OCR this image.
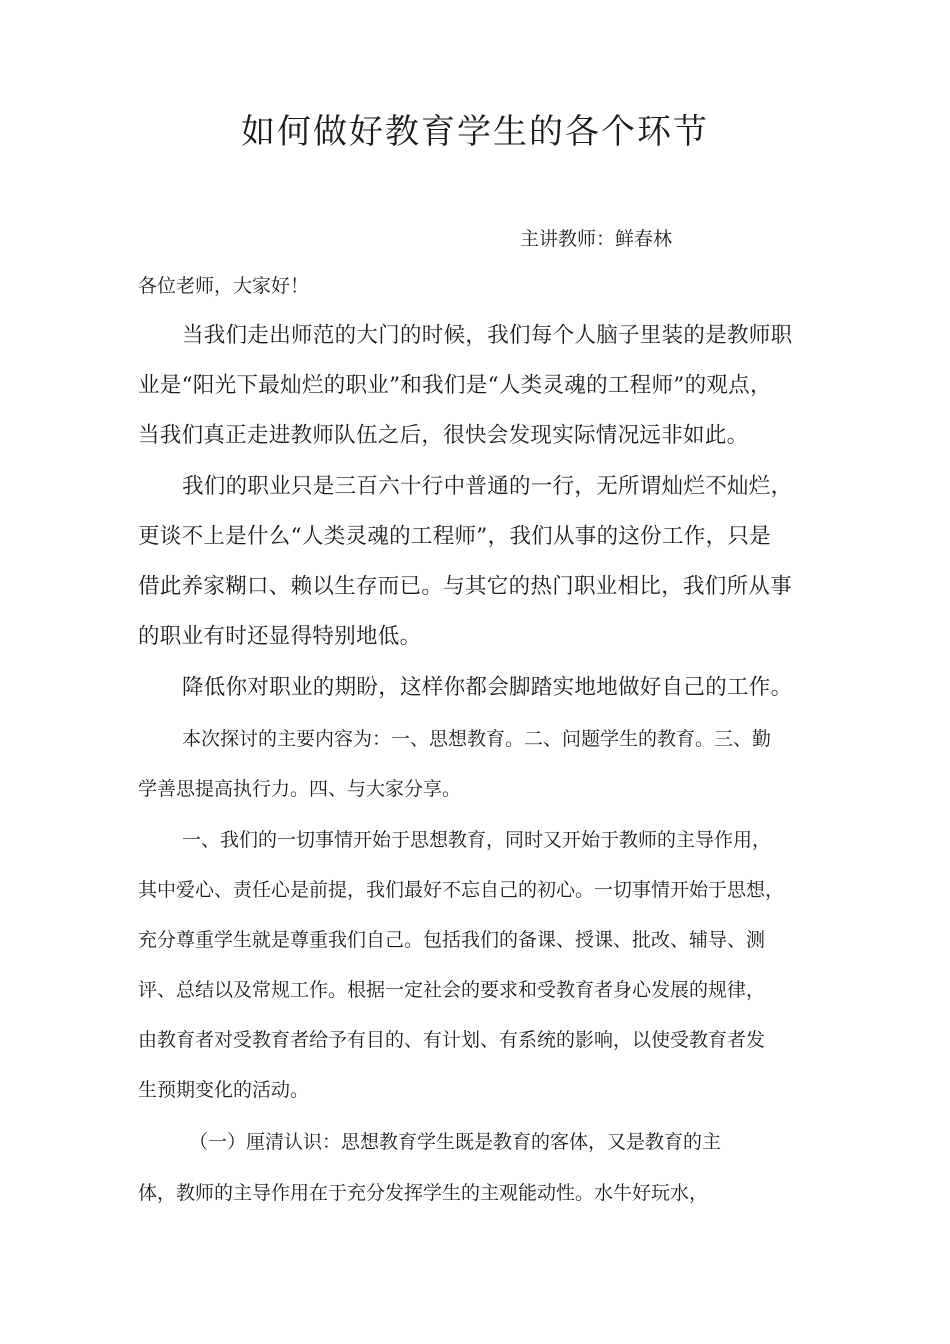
如何做好教育学生的各个环节
主讲教师：鲜春林
各位老师，大家好！
当我们走出师范的大门的时候，我们每个人脑子里装的是教师职
业是“阳光下最灿烂的职业”和我们是“人类灵魂的工程师”的观点，
当我们真正走进教师队伍之后，很快会发现实际情况远非如此。
我们的职业只是三百六十行中普通的一行，无所谓灿烂不灿烂，
更谈不上是什么“人类灵魂的工程师”，我们从事的这份工作，只是
借此养家糊口、赖以生存而已。与其它的热门职业相比，我们所从事
的职业有时还显得特别地低。
降低你对职业的期盼，这样你都会脚踏实地地做好自己的工作。
本次探讨的主要内容为：一、思想教育。二、问题学生的教育。三、勤
学善思提高执行力。四、与大家分享。
一、我们的一切事情开始于思想教育，同时又开始于教师的主导作用，
其中爱心、责任心是前提，我们最好不忘自己的初心。一切事情开始于思想，
充分尊重学生就是尊重我们自己。包括我们的备课、授课、批改、辅导、测
评、总结以及常规工作。根据一定社会的要求和受教育者身心发展的规律，
由教育者对受教育者给予有目的、有计划、有系统的影响，以使受教育者发
生预期变化的活动。
（一）厘清认识：思想教育学生既是教育的客体，又是教育的主
体，教师的主导作用在于充分发挥学生的主观能动性。水牛好玩水，
